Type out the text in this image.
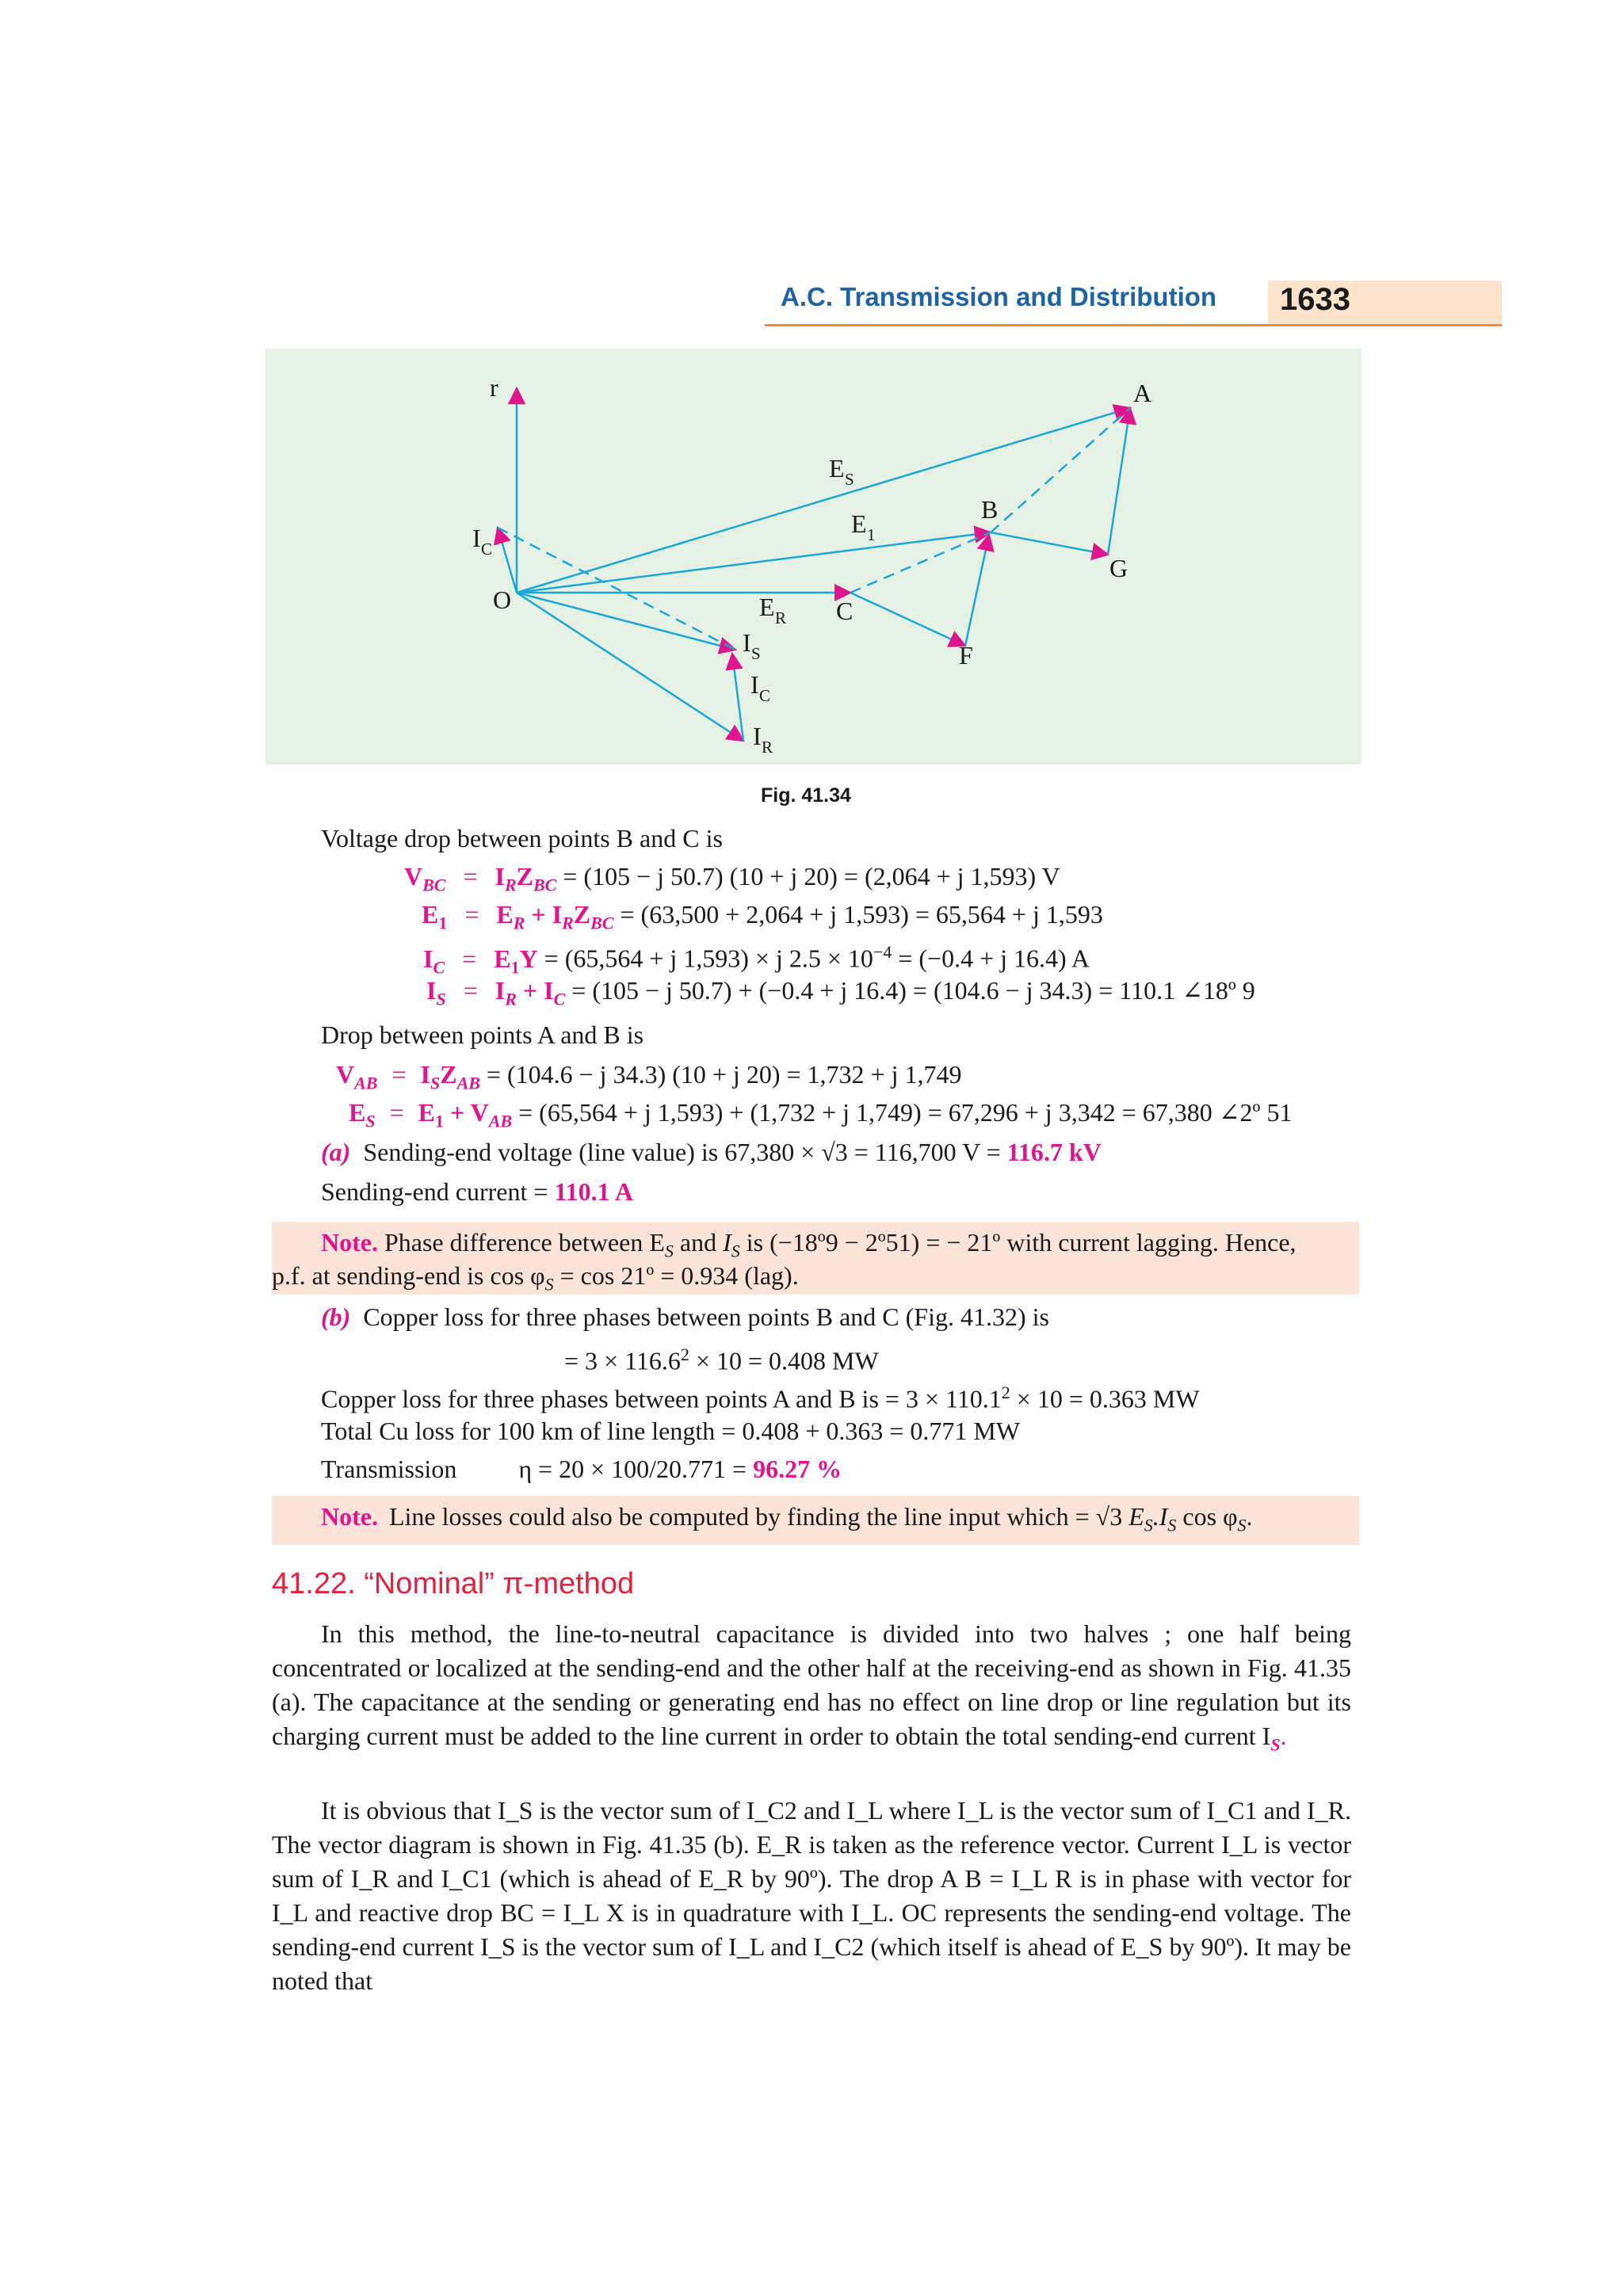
A.C. Transmission and Distribution 1633
r	A
B
C
F
G
O
E S
E 1
E R
I C
I S
I C
I R
Fig. 41.34
Voltage drop between points B and C is
$V_{BC} = I_RZ_{BC} = (105 - j$ 50.7) (10 + j 20) = (2,064 + j 1,593) V
$E_1 = E_R + I_RZ_{BC} = (63,500 + 2,064 + j$ 1,593) = 65,564 + j 1,593
$I_C = E_1Y = (65,564 + j$ 1,593) × j $2.5 \times 10^{-4} = (-0.4 + j$ 16.4) A
$I_S = I_R + I_C = (105 - j$ 50.7) + (−0.4 + j 16.4) = (104.6 − j 34.3) = 110.1 ∠18º 9
Drop between points A and B is
$V_{AB} = I_SZ_{AB} = (104.6 - j$ 34.3) (10 + j 20) = 1,732 + j 1,749
$E_S = E_1 + V_{AB} = (65,564 + j$ 1,593) + (1,732 + j 1,749) = 67,296 + j 3,342 = 67,380 ∠2º 51
(a) Sending-end voltage (line value) is 67,380 × √3 = 116,700 V = 116.7 kV
Sending-end current = 110.1 A
Note. Phase difference between $E_S$ and $I_S$ is (−18º9 − 2º51) = − 21º with current lagging. Hence,
p.f. at sending-end is $\cos \varphi_S = \cos$ 21º = 0.934 (lag).
(b) Copper loss for three phases between points B and C (Fig. 41.32) is
= $3 \times 116.6^2 \times 10 = 0.408$ MW
Copper loss for three phases between points A and B is = $3 \times 110.1^2 \times 10 = 0.363$ MW
Total Cu loss for 100 km of line length = 0.408 + 0.363 = 0.771 MW
Transmission η = 20 × 100/20.771 = 96.27 %
Note. Line losses could also be computed by finding the line input which = √3 $E_S.I_S$ $\cos \varphi_S$.
41.22. “Nominal” π-method

In this method, the line-to-neutral capacitance is divided into two halves ; one half being concentrated or localized at the sending-end and the other half at the receiving-end as shown in Fig. 41.35 (a). The capacitance at the sending or generating end has no effect on line drop or line regulation but its charging current must be added to the line current in order to obtain the total sending-end current $I_S$.

It is obvious that I_S is the vector sum of I_C2 and I_L where I_L is the vector sum of I_C1 and I_R. The vector diagram is shown in Fig. 41.35 (b). E_R is taken as the reference vector. Current I_L is vector sum of I_R and I_C1 (which is ahead of E_R by 90º). The drop A B = I_L R is in phase with vector for I_L and reactive drop BC = I_L X is in quadrature with I_L. OC represents the sending-end voltage. The sending-end current I_S is the vector sum of I_L and I_C2 (which itself is ahead of E_S by 90º). It may be noted that
